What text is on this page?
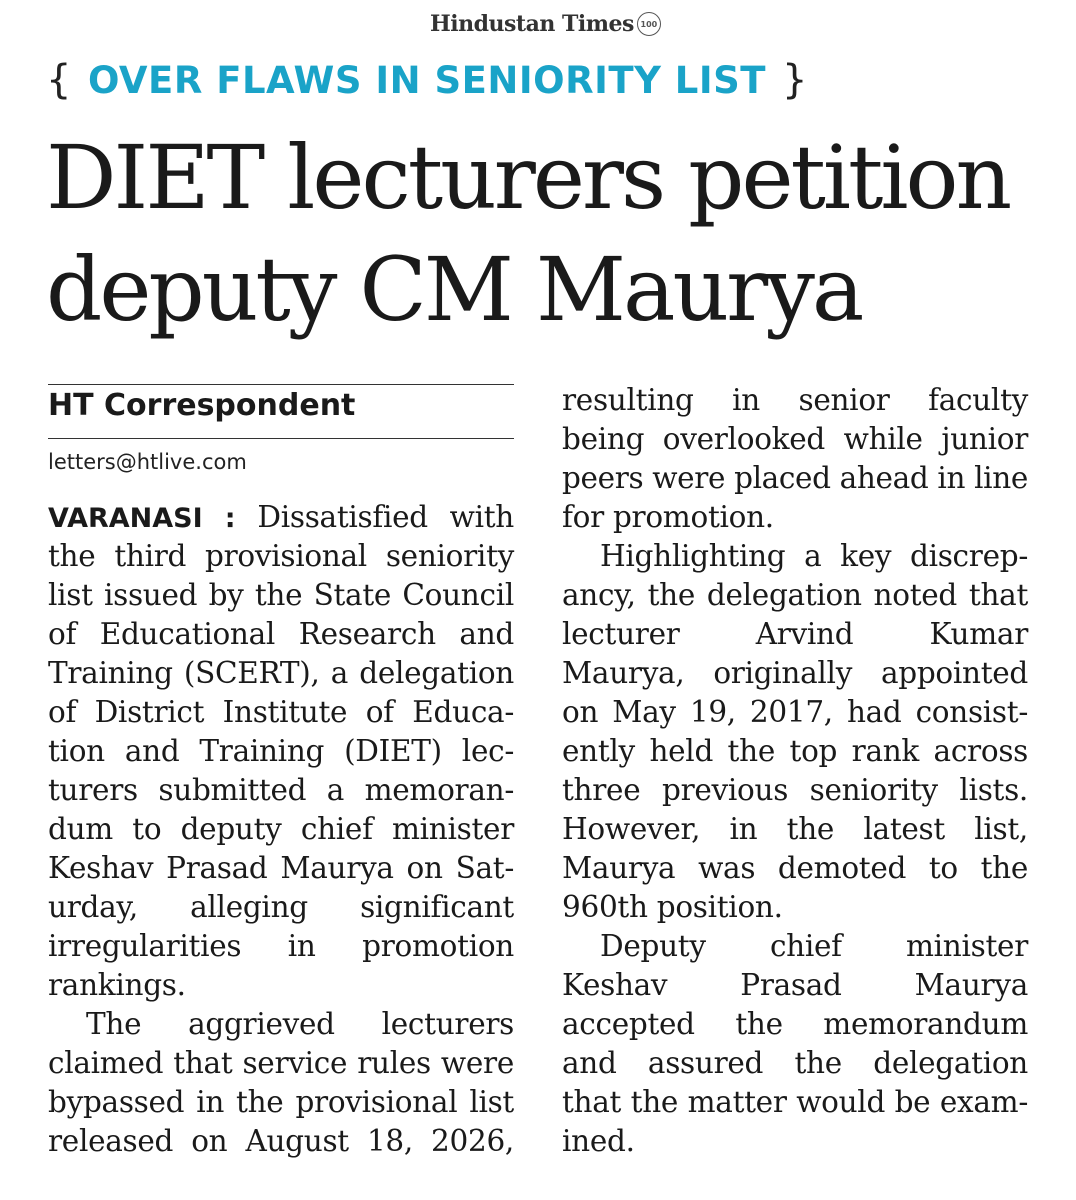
Hindustan Times 100
{ OVER FLAWS IN SENIORITY LIST }
DIET lecturers petition
deputy CM Maurya
HT Correspondent
letters@htlive.com
VARANASI : Dissatisfied with
the third provisional seniority
list issued by the State Council
of Educational Research and
Training (SCERT), a delegation
of District Institute of Educa-
tion and Training (DIET) lec-
turers submitted a memoran-
dum to deputy chief minister
Keshav Prasad Maurya on Sat-
urday, alleging significant
irregularities in promotion
rankings.
The aggrieved lecturers
claimed that service rules were
bypassed in the provisional list
released on August 18, 2026,
resulting in senior faculty
being overlooked while junior
peers were placed ahead in line
for promotion.
Highlighting a key discrep-
ancy, the delegation noted that
lecturer Arvind Kumar
Maurya, originally appointed
on May 19, 2017, had consist-
ently held the top rank across
three previous seniority lists.
However, in the latest list,
Maurya was demoted to the
960th position.
Deputy chief minister
Keshav Prasad Maurya
accepted the memorandum
and assured the delegation
that the matter would be exam-
ined.
